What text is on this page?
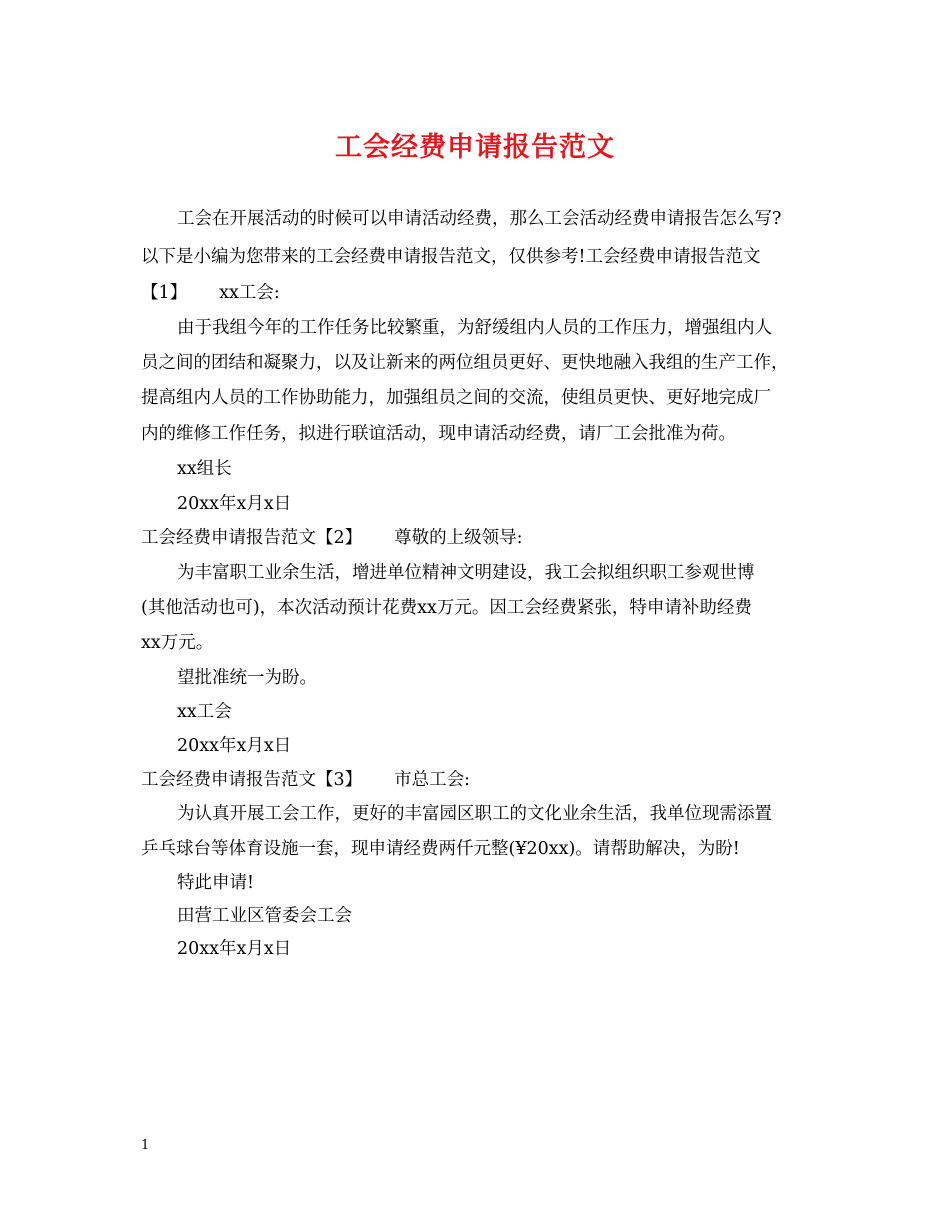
工会经费申请报告范文
工会在开展活动的时候可以申请活动经费，那么工会活动经费申请报告怎么写?
以下是小编为您带来的工会经费申请报告范文，仅供参考!工会经费申请报告范文
【1】 xx工会:
由于我组今年的工作任务比较繁重，为舒缓组内人员的工作压力，增强组内人
员之间的团结和凝聚力，以及让新来的两位组员更好、更快地融入我组的生产工作，
提高组内人员的工作协助能力，加强组员之间的交流，使组员更快、更好地完成厂
内的维修工作任务，拟进行联谊活动，现申请活动经费，请厂工会批准为荷。
xx组长
20xx年x月x日
工会经费申请报告范文【2】 尊敬的上级领导:
为丰富职工业余生活，增进单位精神文明建设，我工会拟组织职工参观世博
(其他活动也可)，本次活动预计花费xx万元。因工会经费紧张，特申请补助经费
xx万元。
望批准统一为盼。
xx工会
20xx年x月x日
工会经费申请报告范文【3】 市总工会:
为认真开展工会工作，更好的丰富园区职工的文化业余生活，我单位现需添置
乒乓球台等体育设施一套，现申请经费两仟元整(¥20xx)。请帮助解决，为盼!
特此申请!
田营工业区管委会工会
20xx年x月x日
1
